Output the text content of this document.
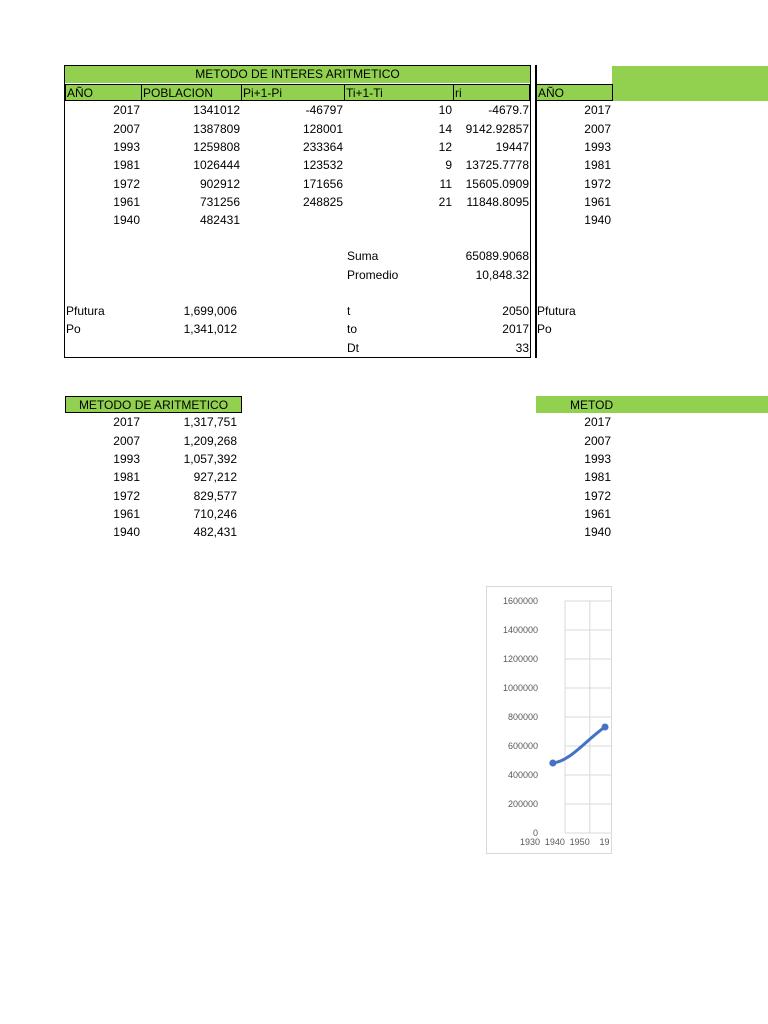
METODO DE INTERES ARITMETICO
AÑO	POBLACION	Pi+1-Pi	Ti+1-Ti	ri
2017	1341012	-46797	10	-4679.7
2007	1387809	128001	14	9142.92857
1993	1259808	233364	12	19447
1981	1026444	123532	9	13725.7778
1972	902912	171656	11	15605.0909
1961	731256	248825	21	11848.8095
1940	482431
Suma	65089.9068
Promedio	10,848.32
Pfutura	1,699,006	t	2050
Po	1,341,012	to	2017
Dt	33
AÑO
2017
2007
1993
1981
1972
1961
1940
Pfutura
Po
METODO DE ARITMETICO
2017	1,317,751
2007	1,209,268
1993	1,057,392
1981	927,212
1972	829,577
1961	710,246
1940	482,431
METOD
2017
2007
1993
1981
1972
1961
1940
1600000
1400000
1200000
1000000
800000
600000
400000
200000
0
1930 1940 1950 19
